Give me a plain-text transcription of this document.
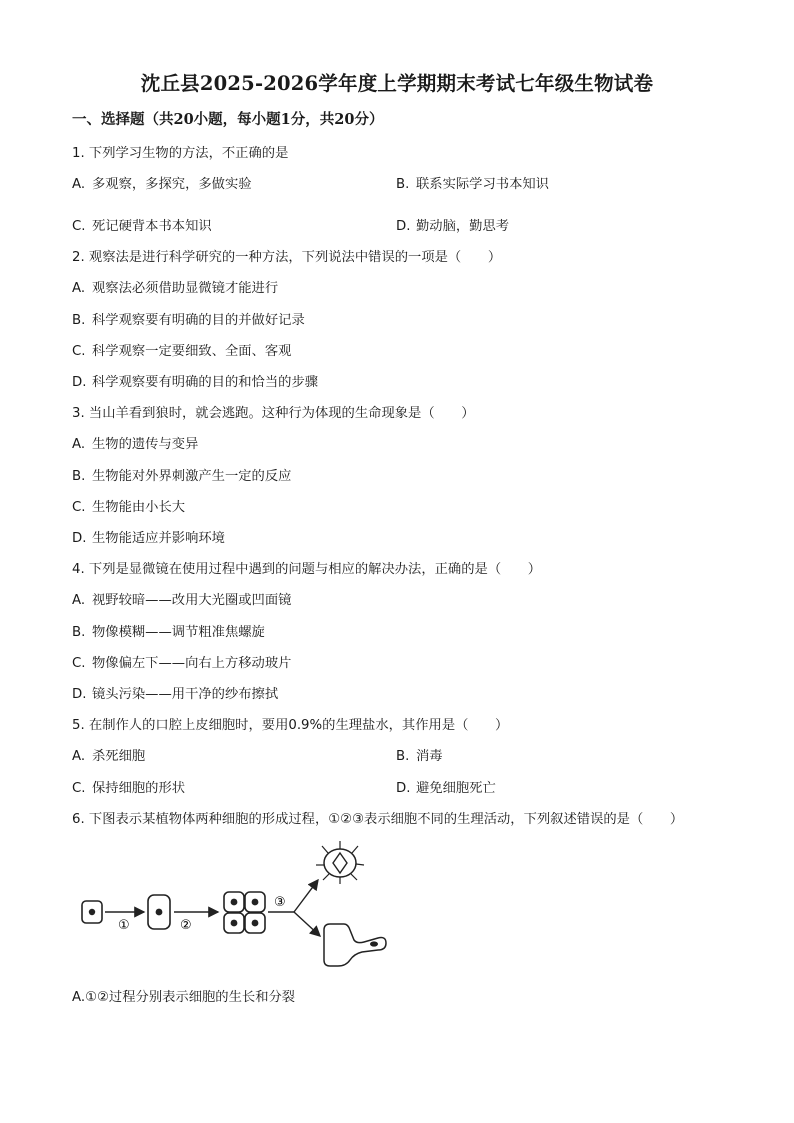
沈丘县2025-2026学年度上学期期末考试七年级生物试卷
一、选择题（共20小题，每小题1分，共20分）
1. 下列学习生物的方法，不正确的是
A. 多观察，多探究，多做实验	B. 联系实际学习书本知识
C. 死记硬背本书本知识	D. 勤动脑，勤思考
2. 观察法是进行科学研究的一种方法，下列说法中错误的一项是（　　）
A. 观察法必须借助显微镜才能进行
B. 科学观察要有明确的目的并做好记录
C. 科学观察一定要细致、全面、客观
D. 科学观察要有明确的目的和恰当的步骤
3. 当山羊看到狼时，就会逃跑。这种行为体现的生命现象是（　　）
A. 生物的遗传与变异
B. 生物能对外界刺激产生一定的反应
C. 生物能由小长大
D. 生物能适应并影响环境
4. 下列是显微镜在使用过程中遇到的问题与相应的解决办法，正确的是（　　）
A. 视野较暗——改用大光圈或凹面镜
B. 物像模糊——调节粗准焦螺旋
C. 物像偏左下——向右上方移动玻片
D. 镜头污染——用干净的纱布擦拭
5. 在制作人的口腔上皮细胞时，要用0.9%的生理盐水，其作用是（　　）
A. 杀死细胞	B. 消毒
C. 保持细胞的形状	D. 避免细胞死亡
6. 下图表示某植物体两种细胞的形成过程，①②③表示细胞不同的生理活动，下列叙述错误的是（　　）
①	②
③
A.①②过程分别表示细胞的生长和分裂
